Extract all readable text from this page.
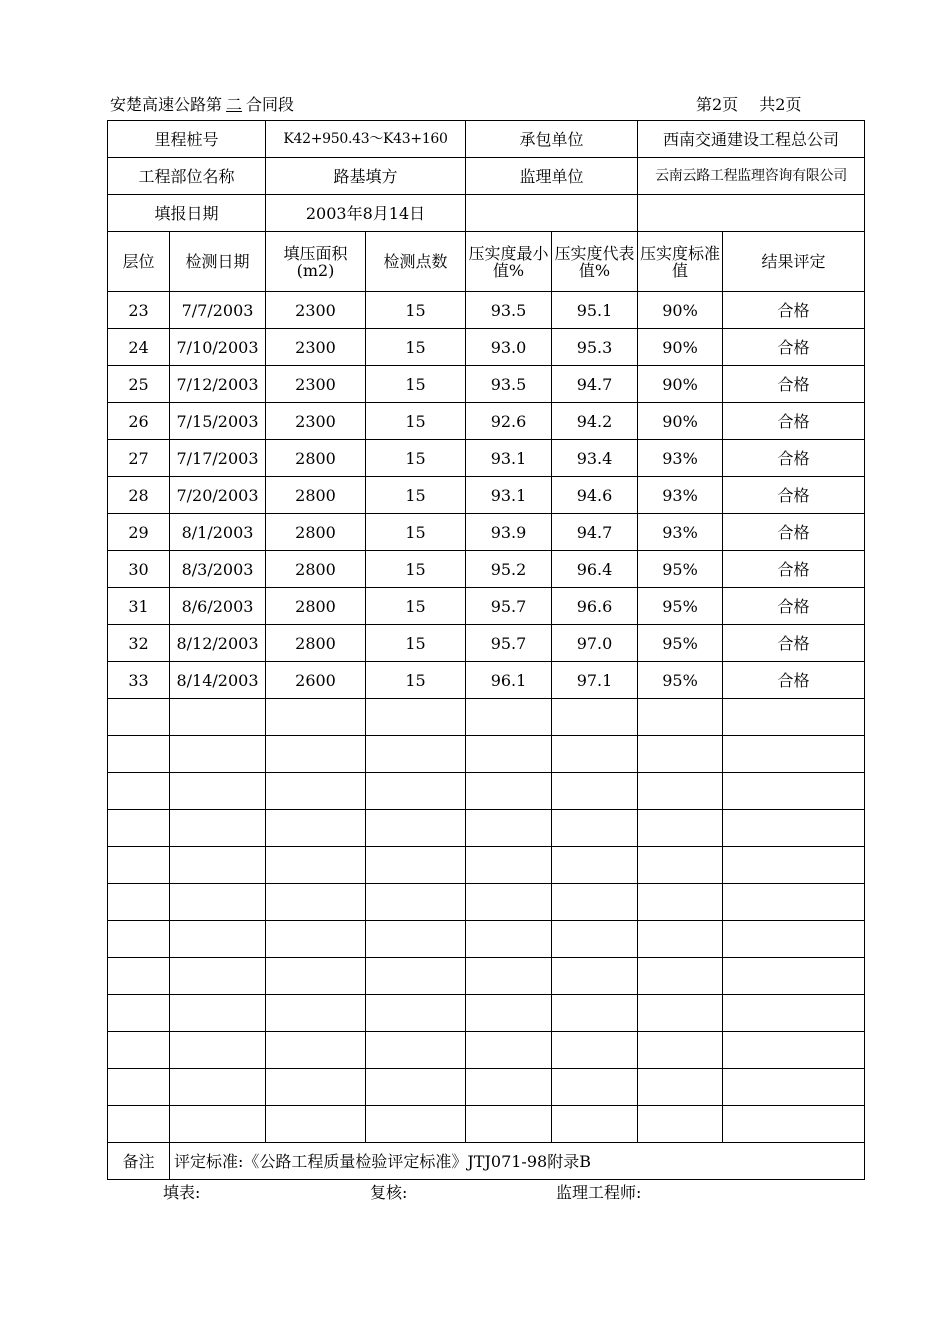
安楚高速公路第 二 合同段	第2页　 共2页
里程桩号		K42+950.43～K43+160		承包单位		西南交通建设工程总公司	
工程部位名称		路基填方		监理单位		云南云路工程监理咨询有限公司	
填报日期		2003年8月14日					
层位	检测日期	填压面积(m2)	检测点数	压实度最小值%	压实度代表值%	压实度标准值	结果评定
23	7/7/2003	2300	15	93.5	95.1	90%	合格
24	7/10/2003	2300	15	93.0	95.3	90%	合格
25	7/12/2003	2300	15	93.5	94.7	90%	合格
26	7/15/2003	2300	15	92.6	94.2	90%	合格
27	7/17/2003	2800	15	93.1	93.4	93%	合格
28	7/20/2003	2800	15	93.1	94.6	93%	合格
29	8/1/2003	2800	15	93.9	94.7	93%	合格
30	8/3/2003	2800	15	95.2	96.4	95%	合格
31	8/6/2003	2800	15	95.7	96.6	95%	合格
32	8/12/2003	2800	15	95.7	97.0	95%	合格
33	8/14/2003	2600	15	96.1	97.1	95%	合格

备注	评定标准:《公路工程质量检验评定标准》JTJ071-98附录B						
填表:	复核:	监理工程师:
